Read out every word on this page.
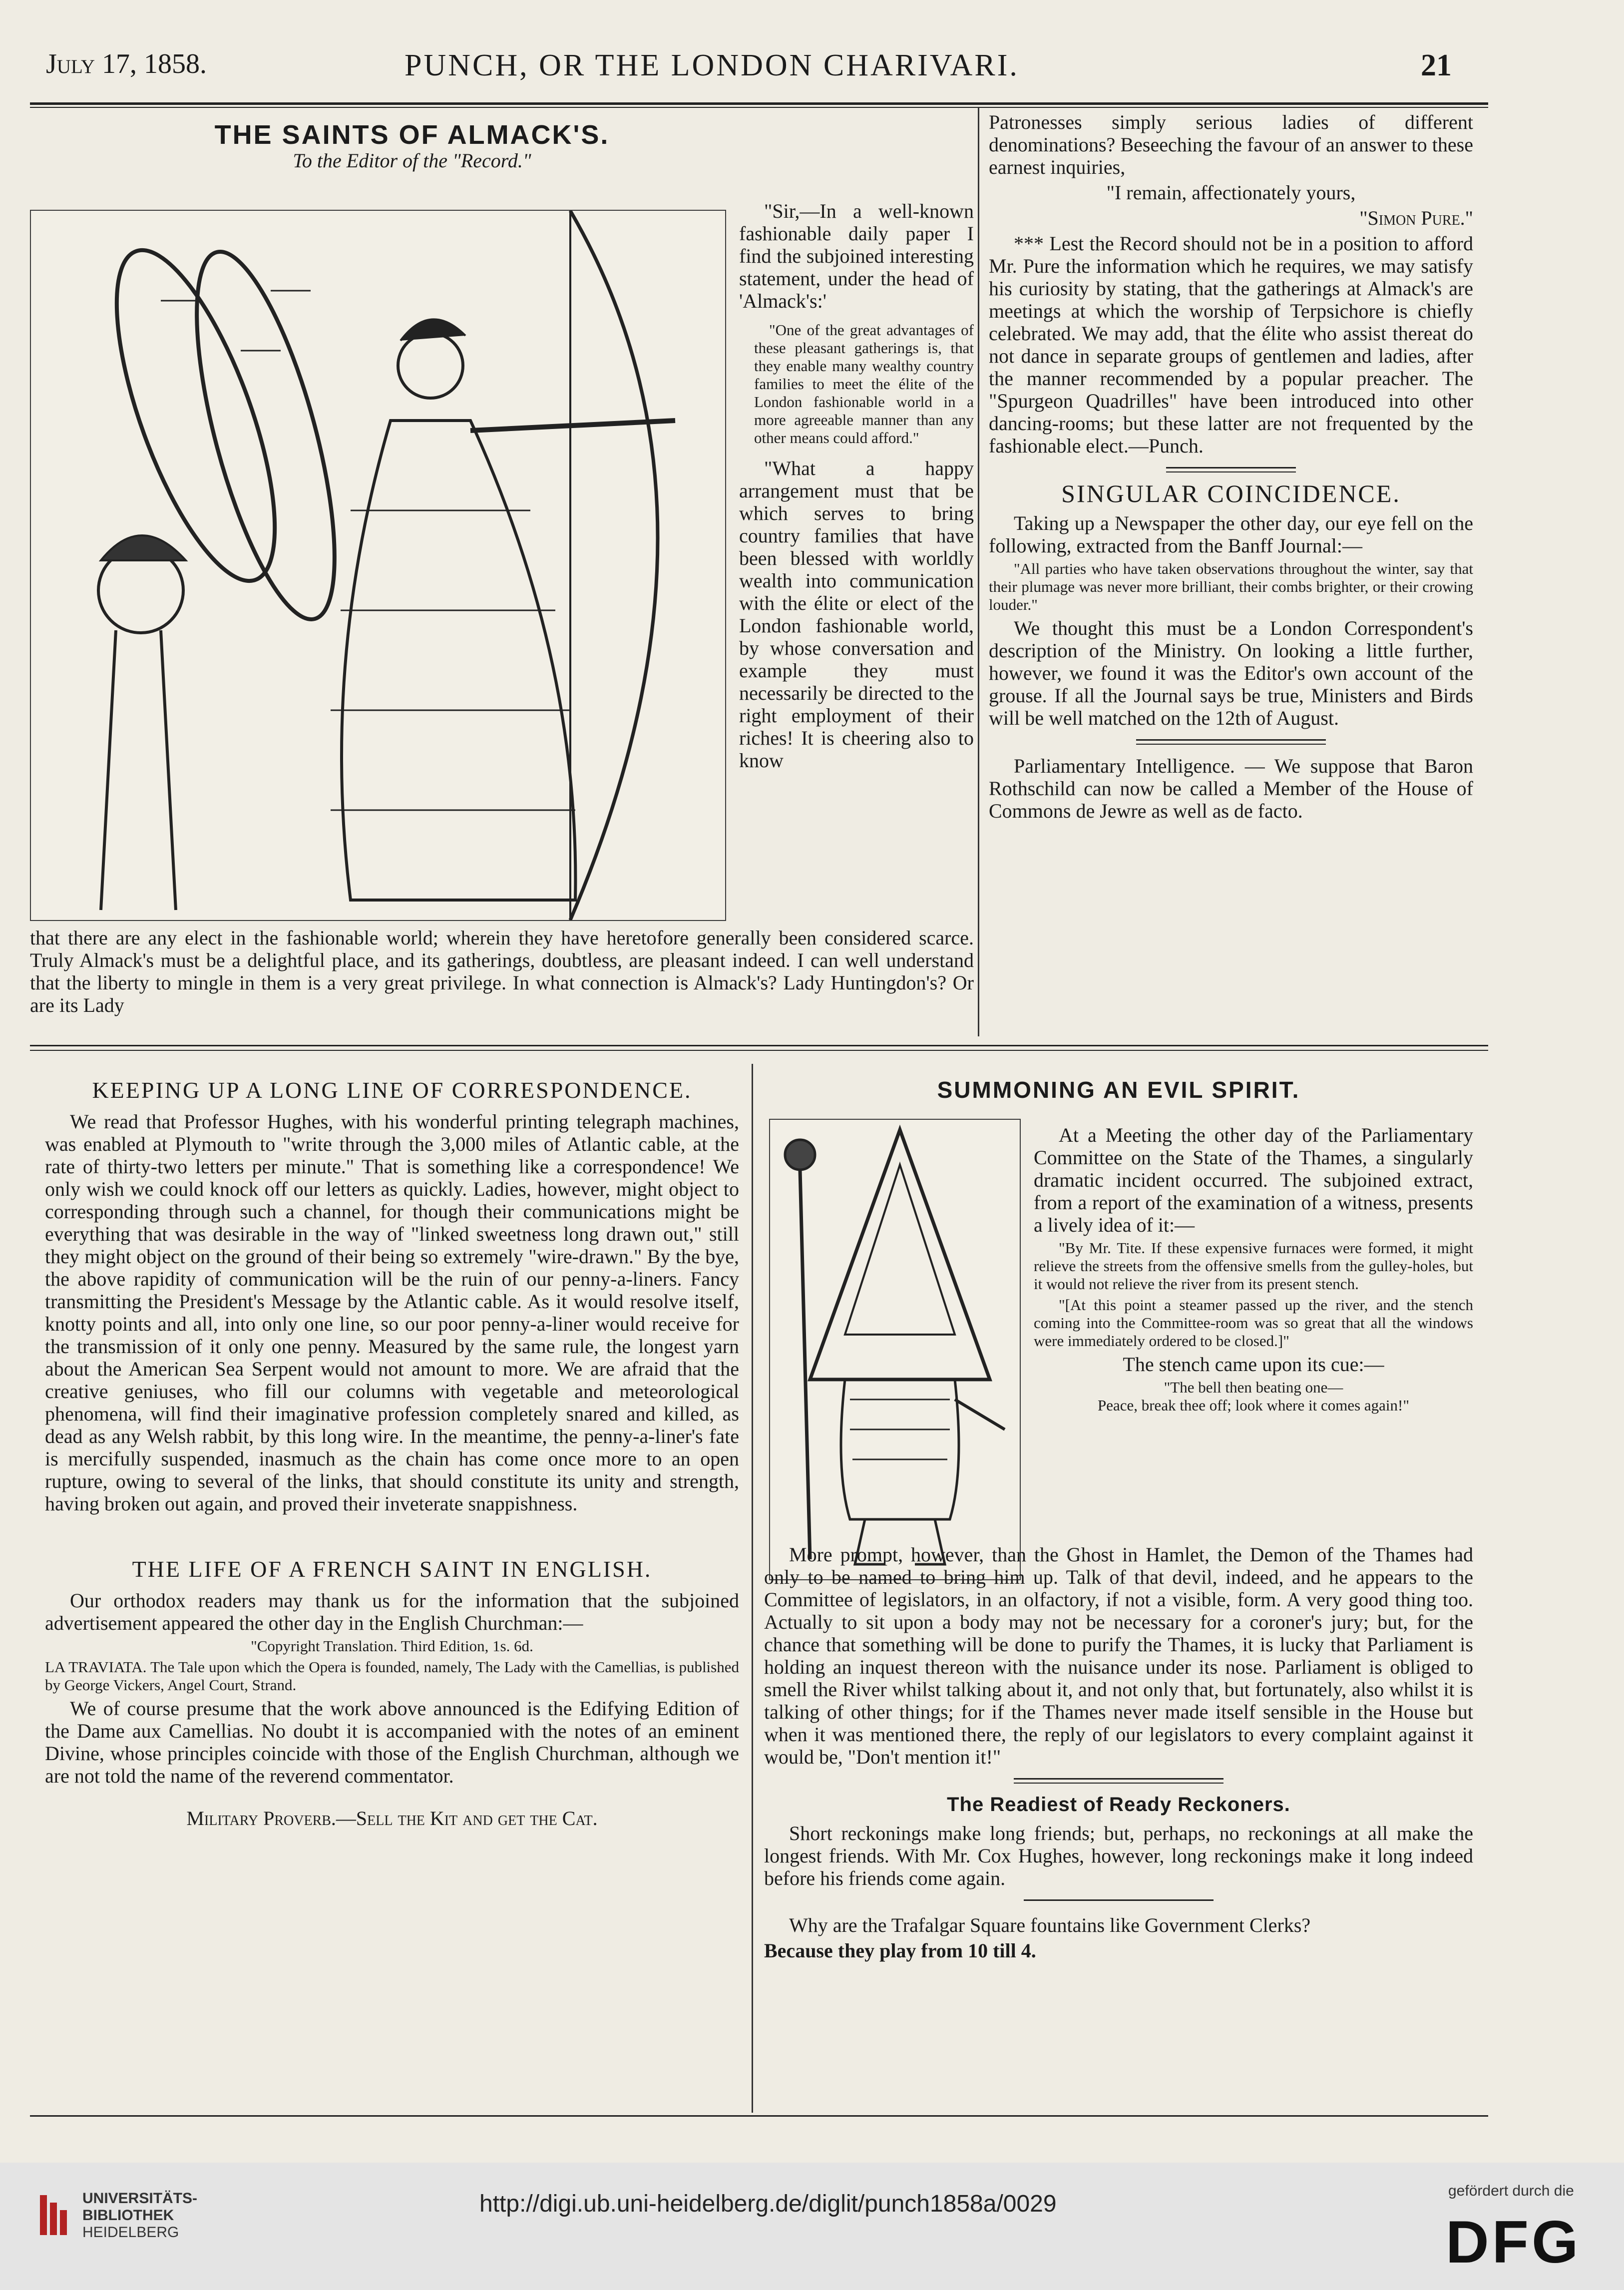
July 17, 1858.	PUNCH, OR THE LONDON CHARIVARI.	21
THE SAINTS OF ALMACK'S.
To the Editor of the "Record."

"Sir,—In a well-known fashionable daily paper I find the subjoined interesting statement, under the head of 'Almack's:'

"One of the great advantages of these pleasant gatherings is, that they enable many wealthy country families to meet the élite of the London fashionable world in a more agreeable manner than any other means could afford."

"What a happy arrangement must that be which serves to bring country families that have been blessed with worldly wealth into communication with the élite or elect of the London fashionable world, by whose conversation and example they must necessarily be directed to the right employment of their riches! It is cheering also to know

that there are any elect in the fashionable world; wherein they have heretofore generally been considered scarce. Truly Almack's must be a delightful place, and its gatherings, doubtless, are pleasant indeed. I can well understand that the liberty to mingle in them is a very great privilege. In what connection is Almack's? Lady Huntingdon's? Or are its Lady

Patronesses simply serious ladies of different denominations? Beseeching the favour of an answer to these earnest inquiries,

"I remain, affectionately yours,

"Simon Pure."

*** Lest the Record should not be in a position to afford Mr. Pure the information which he requires, we may satisfy his curiosity by stating, that the gatherings at Almack's are meetings at which the worship of Terpsichore is chiefly celebrated. We may add, that the élite who assist thereat do not dance in separate groups of gentlemen and ladies, after the manner recommended by a popular preacher. The "Spurgeon Quadrilles" have been introduced into other dancing-rooms; but these latter are not frequented by the fashionable elect.—Punch.

SINGULAR COINCIDENCE.

Taking up a Newspaper the other day, our eye fell on the following, extracted from the Banff Journal:—

"All parties who have taken observations throughout the winter, say that their plumage was never more brilliant, their combs brighter, or their crowing louder."

We thought this must be a London Correspondent's description of the Ministry. On looking a little further, however, we found it was the Editor's own account of the grouse. If all the Journal says be true, Ministers and Birds will be well matched on the 12th of August.

Parliamentary Intelligence. — We suppose that Baron Rothschild can now be called a Member of the House of Commons de Jewre as well as de facto.

KEEPING UP A LONG LINE OF CORRESPONDENCE.

We read that Professor Hughes, with his wonderful printing telegraph machines, was enabled at Plymouth to "write through the 3,000 miles of Atlantic cable, at the rate of thirty-two letters per minute." That is something like a correspondence! We only wish we could knock off our letters as quickly. Ladies, however, might object to corresponding through such a channel, for though their communications might be everything that was desirable in the way of "linked sweetness long drawn out," still they might object on the ground of their being so extremely "wire-drawn." By the bye, the above rapidity of communication will be the ruin of our penny-a-liners. Fancy transmitting the President's Message by the Atlantic cable. As it would resolve itself, knotty points and all, into only one line, so our poor penny-a-liner would receive for the transmission of it only one penny. Measured by the same rule, the longest yarn about the American Sea Serpent would not amount to more. We are afraid that the creative geniuses, who fill our columns with vegetable and meteorological phenomena, will find their imaginative profession completely snared and killed, as dead as any Welsh rabbit, by this long wire. In the meantime, the penny-a-liner's fate is mercifully suspended, inasmuch as the chain has come once more to an open rupture, owing to several of the links, that should constitute its unity and strength, having broken out again, and proved their inveterate snappishness.

THE LIFE OF A FRENCH SAINT IN ENGLISH.

Our orthodox readers may thank us for the information that the subjoined advertisement appeared the other day in the English Churchman:—

"Copyright Translation. Third Edition, 1s. 6d.

LA TRAVIATA. The Tale upon which the Opera is founded, namely, The Lady with the Camellias, is published by George Vickers, Angel Court, Strand.

We of course presume that the work above announced is the Edifying Edition of the Dame aux Camellias. No doubt it is accompanied with the notes of an eminent Divine, whose principles coincide with those of the English Churchman, although we are not told the name of the reverend commentator.

Military Proverb.—Sell the Kit and get the Cat.

SUMMONING AN EVIL SPIRIT.

At a Meeting the other day of the Parliamentary Committee on the State of the Thames, a singularly dramatic incident occurred. The subjoined extract, from a report of the examination of a witness, presents a lively idea of it:—

"By Mr. Tite. If these expensive furnaces were formed, it might relieve the streets from the offensive smells from the gulley-holes, but it would not relieve the river from its present stench.

"[At this point a steamer passed up the river, and the stench coming into the Committee-room was so great that all the windows were immediately ordered to be closed.]"

The stench came upon its cue:—

"The bell then beating one—

Peace, break thee off; look where it comes again!"

More prompt, however, than the Ghost in Hamlet, the Demon of the Thames had only to be named to bring him up. Talk of that devil, indeed, and he appears to the Committee of legislators, in an olfactory, if not a visible, form. A very good thing too. Actually to sit upon a body may not be necessary for a coroner's jury; but, for the chance that something will be done to purify the Thames, it is lucky that Parliament is holding an inquest thereon with the nuisance under its nose. Parliament is obliged to smell the River whilst talking about it, and not only that, but fortunately, also whilst it is talking of other things; for if the Thames never made itself sensible in the House but when it was mentioned there, the reply of our legislators to every complaint against it would be, "Don't mention it!"

The Readiest of Ready Reckoners.

Short reckonings make long friends; but, perhaps, no reckonings at all make the longest friends. With Mr. Cox Hughes, however, long reckonings make it long indeed before his friends come again.

Why are the Trafalgar Square fountains like Government Clerks?

Because they play from 10 till 4.

UNIVERSITÄTS-
BIBLIOTHEK
HEIDELBERG
http://digi.ub.uni-heidelberg.de/diglit/punch1858a/0029	gefördert durch die
DFG
